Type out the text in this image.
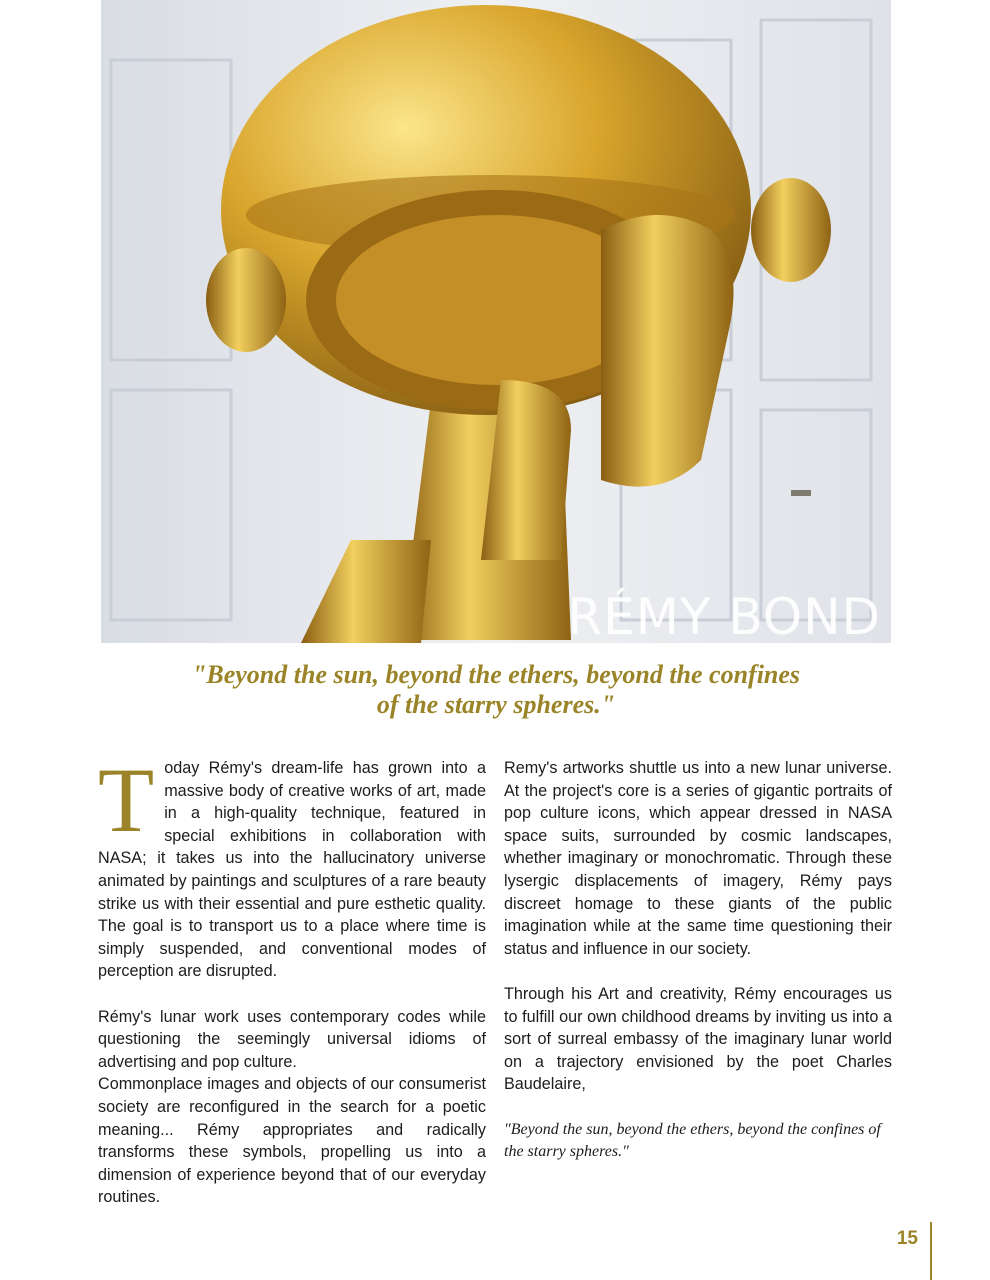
RÉMY BOND
"Beyond the sun, beyond the ethers, beyond the confines
of the starry spheres."

Today Rémy's dream-life has grown into a massive body of creative works of art, made in a high-quality technique, featured in special exhibitions in collaboration with NASA; it takes us into the hallucinatory universe animated by paintings and sculptures of a rare beauty strike us with their essential and pure esthetic quality. The goal is to transport us to a place where time is simply suspended, and conventional modes of perception are disrupted.

Rémy's lunar work uses contemporary codes while questioning the seemingly universal idioms of advertising and pop culture.

Commonplace images and objects of our consumerist society are reconfigured in the search for a poetic meaning... Rémy appropriates and radically transforms these symbols, propelling us into a dimension of experience beyond that of our everyday routines.

Remy's artworks shuttle us into a new lunar universe. At the project's core is a series of gigantic portraits of pop culture icons, which appear dressed in NASA space suits, surrounded by cosmic landscapes, whether imaginary or monochromatic. Through these lysergic displacements of imagery, Rémy pays discreet homage to these giants of the public imagination while at the same time questioning their status and influence in our society.

Through his Art and creativity, Rémy encourages us to fulfill our own childhood dreams by inviting us into a sort of surreal embassy of the imaginary lunar world on a trajectory envisioned by the poet Charles Baudelaire,

"Beyond the sun, beyond the ethers, beyond the confines of the starry spheres."

15
